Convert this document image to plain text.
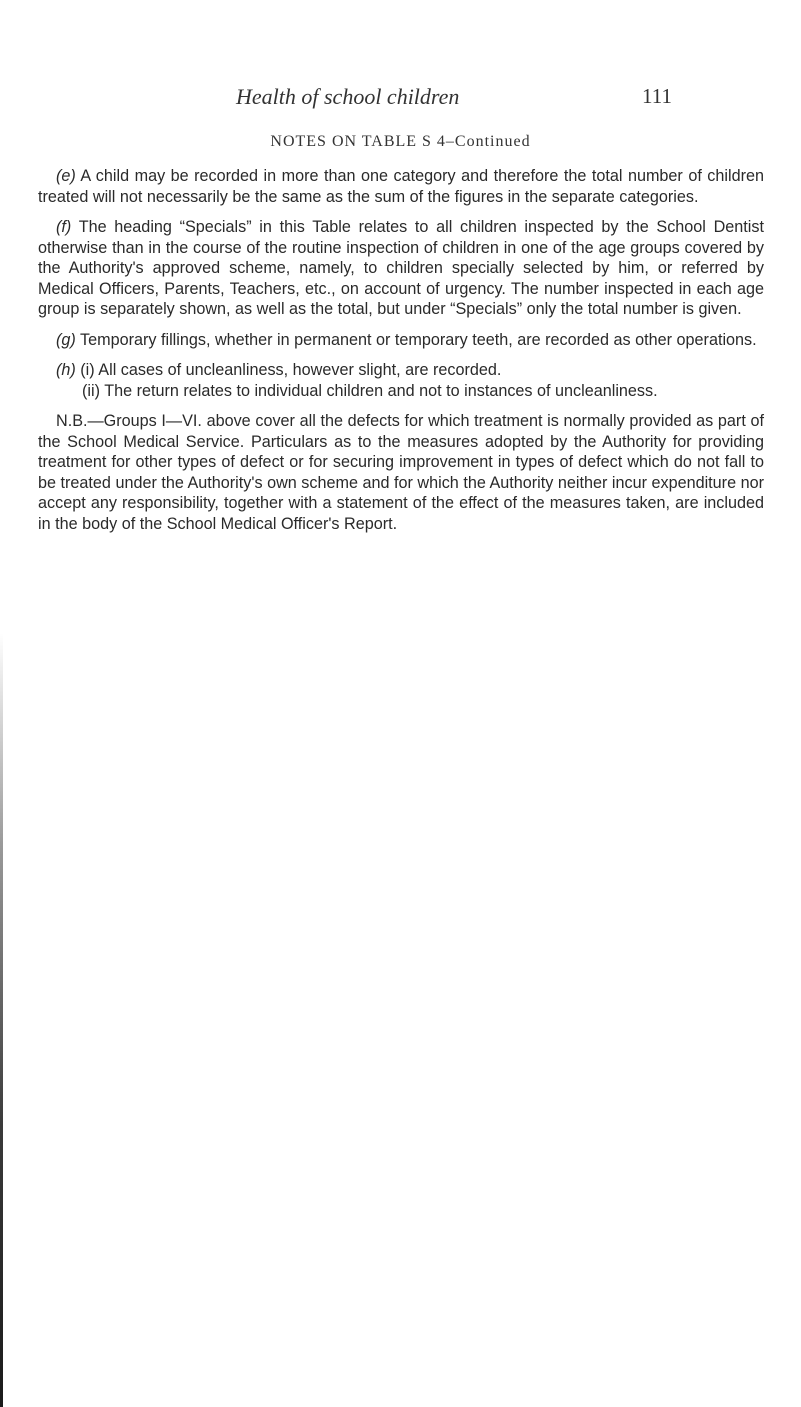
Health of school children	111
NOTES ON TABLE S 4–Continued

(e) A child may be recorded in more than one category and therefore the total number of children treated will not necessarily be the same as the sum of the figures in the separate categories.

(f) The heading “Specials” in this Table relates to all children inspected by the School Dentist otherwise than in the course of the routine inspection of children in one of the age groups covered by the Authority's approved scheme, namely, to children specially selected by him, or referred by Medical Officers, Parents, Teachers, etc., on account of urgency. The number inspected in each age group is separately shown, as well as the total, but under “Specials” only the total number is given.

(g) Temporary fillings, whether in permanent or temporary teeth, are recorded as other operations.

(h) (i) All cases of uncleanliness, however slight, are recorded.

(ii) The return relates to individual children and not to instances of uncleanliness.

N.B.—Groups I—VI. above cover all the defects for which treatment is normally provided as part of the School Medical Service. Particulars as to the measures adopted by the Authority for providing treatment for other types of defect or for securing improvement in types of defect which do not fall to be treated under the Authority's own scheme and for which the Authority neither incur expenditure nor accept any responsibility, together with a statement of the effect of the measures taken, are included in the body of the School Medical Officer's Report.
